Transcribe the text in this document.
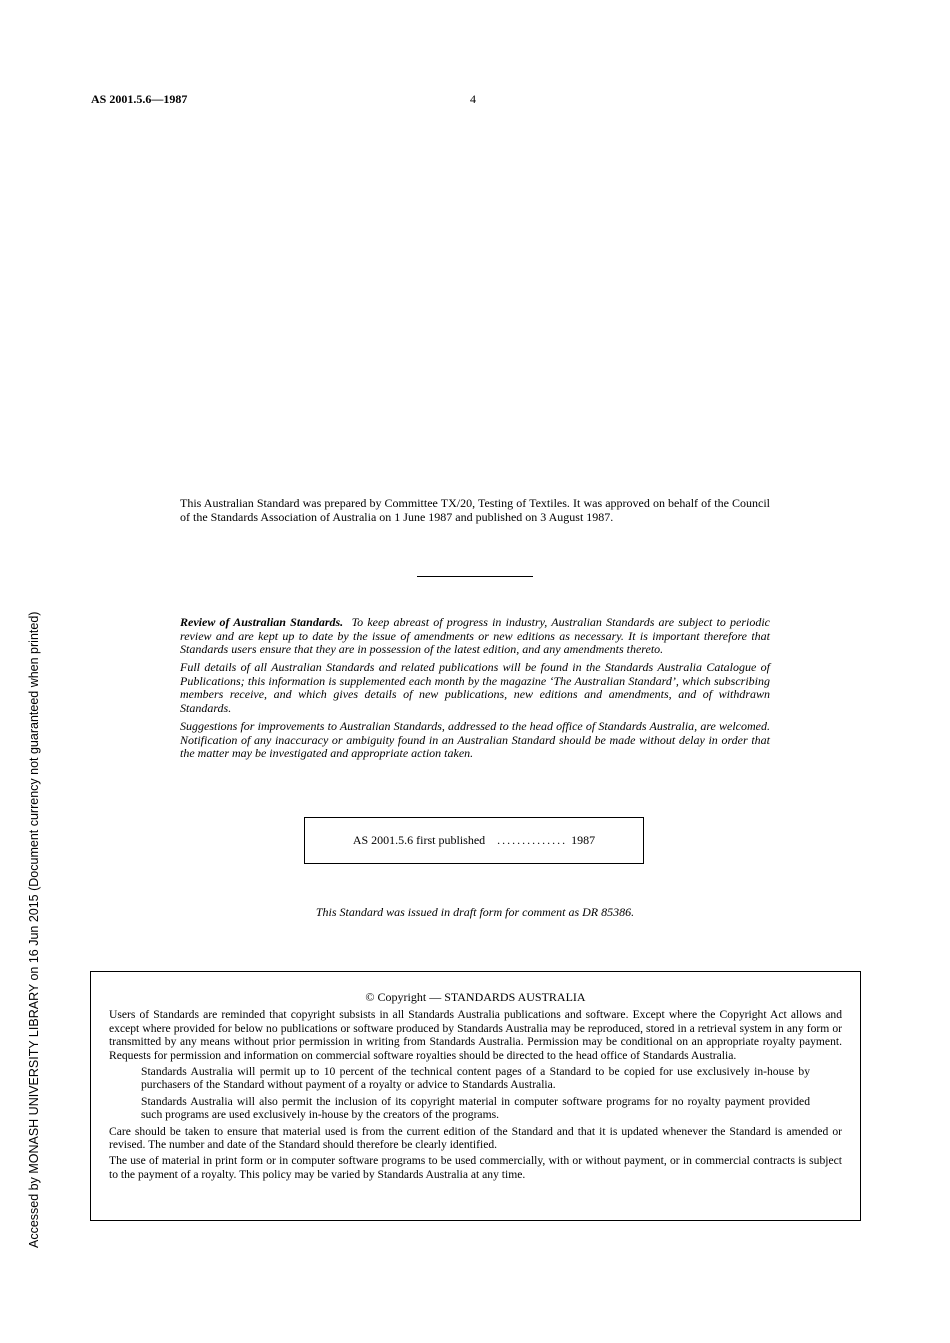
AS 2001.5.6—1987	4
Accessed by MONASH UNIVERSITY LIBRARY on 16 Jun 2015 (Document currency not guaranteed when printed)
This Australian Standard was prepared by Committee TX/20, Testing of Textiles. It was approved on behalf of the Council of the Standards Association of Australia on 1 June 1987 and published on 3 August 1987.

Review of Australian Standards. To keep abreast of progress in industry, Australian Standards are subject to periodic review and are kept up to date by the issue of amendments or new editions as necessary. It is important therefore that Standards users ensure that they are in possession of the latest edition, and any amendments thereto.

Full details of all Australian Standards and related publications will be found in the Standards Australia Catalogue of Publications; this information is supplemented each month by the magazine ‘The Australian Standard’, which subscribing members receive, and which gives details of new publications, new editions and amendments, and of withdrawn Standards.

Suggestions for improvements to Australian Standards, addressed to the head office of Standards Australia, are welcomed. Notification of any inaccuracy or ambiguity found in an Australian Standard should be made without delay in order that the matter may be investigated and appropriate action taken.

AS 2001.5.6 first published .............. 1987
This Standard was issued in draft form for comment as DR 85386.
© Copyright — STANDARDS AUSTRALIA

Users of Standards are reminded that copyright subsists in all Standards Australia publications and software. Except where the Copyright Act allows and except where provided for below no publications or software produced by Standards Australia may be reproduced, stored in a retrieval system in any form or transmitted by any means without prior permission in writing from Standards Australia. Permission may be conditional on an appropriate royalty payment. Requests for permission and information on commercial software royalties should be directed to the head office of Standards Australia.

Standards Australia will permit up to 10 percent of the technical content pages of a Standard to be copied for use exclusively in-house by purchasers of the Standard without payment of a royalty or advice to Standards Australia.

Standards Australia will also permit the inclusion of its copyright material in computer software programs for no royalty payment provided such programs are used exclusively in-house by the creators of the programs.

Care should be taken to ensure that material used is from the current edition of the Standard and that it is updated whenever the Standard is amended or revised. The number and date of the Standard should therefore be clearly identified.

The use of material in print form or in computer software programs to be used commercially, with or without payment, or in commercial contracts is subject to the payment of a royalty. This policy may be varied by Standards Australia at any time.
